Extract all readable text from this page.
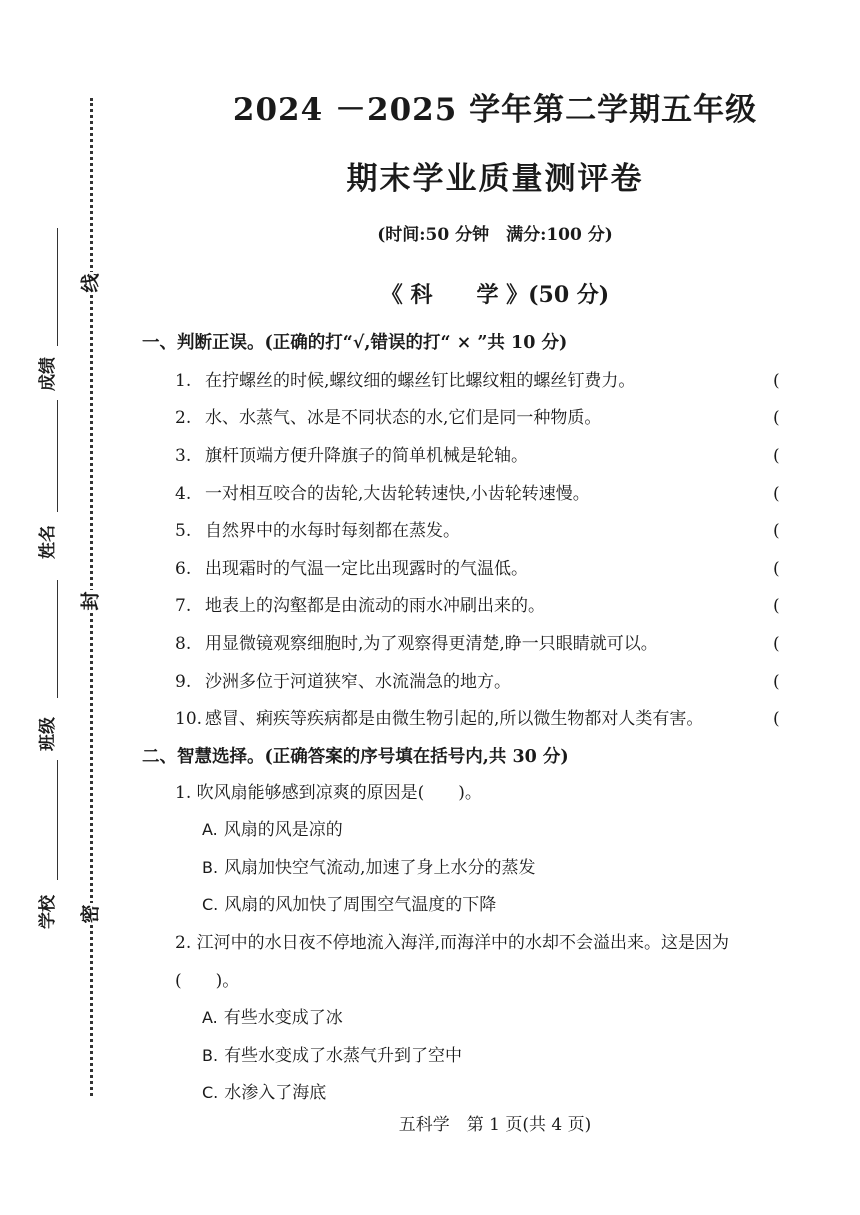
线
封
密
成绩
姓名
班级
学校
2024 －2025 学年第二学期五年级
期末学业质量测评卷
(时间:50 分钟　满分:100 分)
《 科　　学 》(50 分)
一、判断正误。(正确的打“√,错误的打“ × ”共 10 分)
1. 在拧螺丝的时候,螺纹细的螺丝钉比螺纹粗的螺丝钉费力。	(
2. 水、水蒸气、冰是不同状态的水,它们是同一种物质。	(
3. 旗杆顶端方便升降旗子的简单机械是轮轴。	(
4. 一对相互咬合的齿轮,大齿轮转速快,小齿轮转速慢。	(
5. 自然界中的水每时每刻都在蒸发。	(
6. 出现霜时的气温一定比出现露时的气温低。	(
7. 地表上的沟壑都是由流动的雨水冲刷出来的。	(
8. 用显微镜观察细胞时,为了观察得更清楚,睁一只眼睛就可以。	(
9. 沙洲多位于河道狭窄、水流湍急的地方。	(
10. 感冒、痢疾等疾病都是由微生物引起的,所以微生物都对人类有害。	(
二、智慧选择。(正确答案的序号填在括号内,共 30 分)
1. 吹风扇能够感到凉爽的原因是(　　)。
A. 风扇的风是凉的
B. 风扇加快空气流动,加速了身上水分的蒸发
C. 风扇的风加快了周围空气温度的下降
2. 江河中的水日夜不停地流入海洋,而海洋中的水却不会溢出来。这是因为
(　　)。
A. 有些水变成了冰
B. 有些水变成了水蒸气升到了空中
C. 水渗入了海底
五科学　第 1 页(共 4 页)
